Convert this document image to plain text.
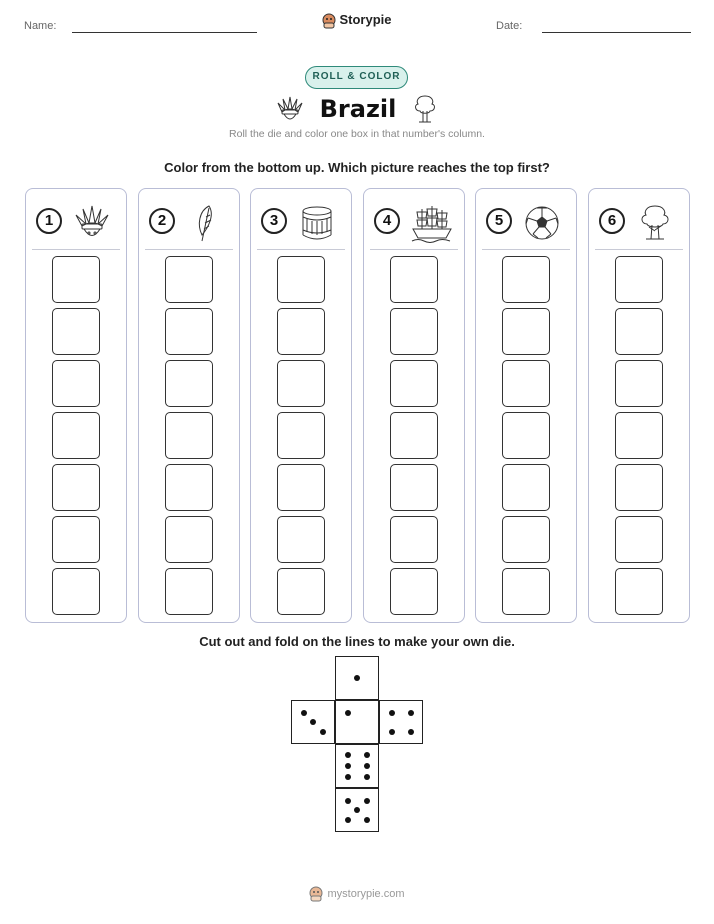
Name:	Storypie	Date:
ROLL & COLOR
Brazil
Roll the die and color one box in that number's column.
Color from the bottom up. Which picture reaches the top first?
1	2	3	4	5	6
Cut out and fold on the lines to make your own die.
mystorypie.com
